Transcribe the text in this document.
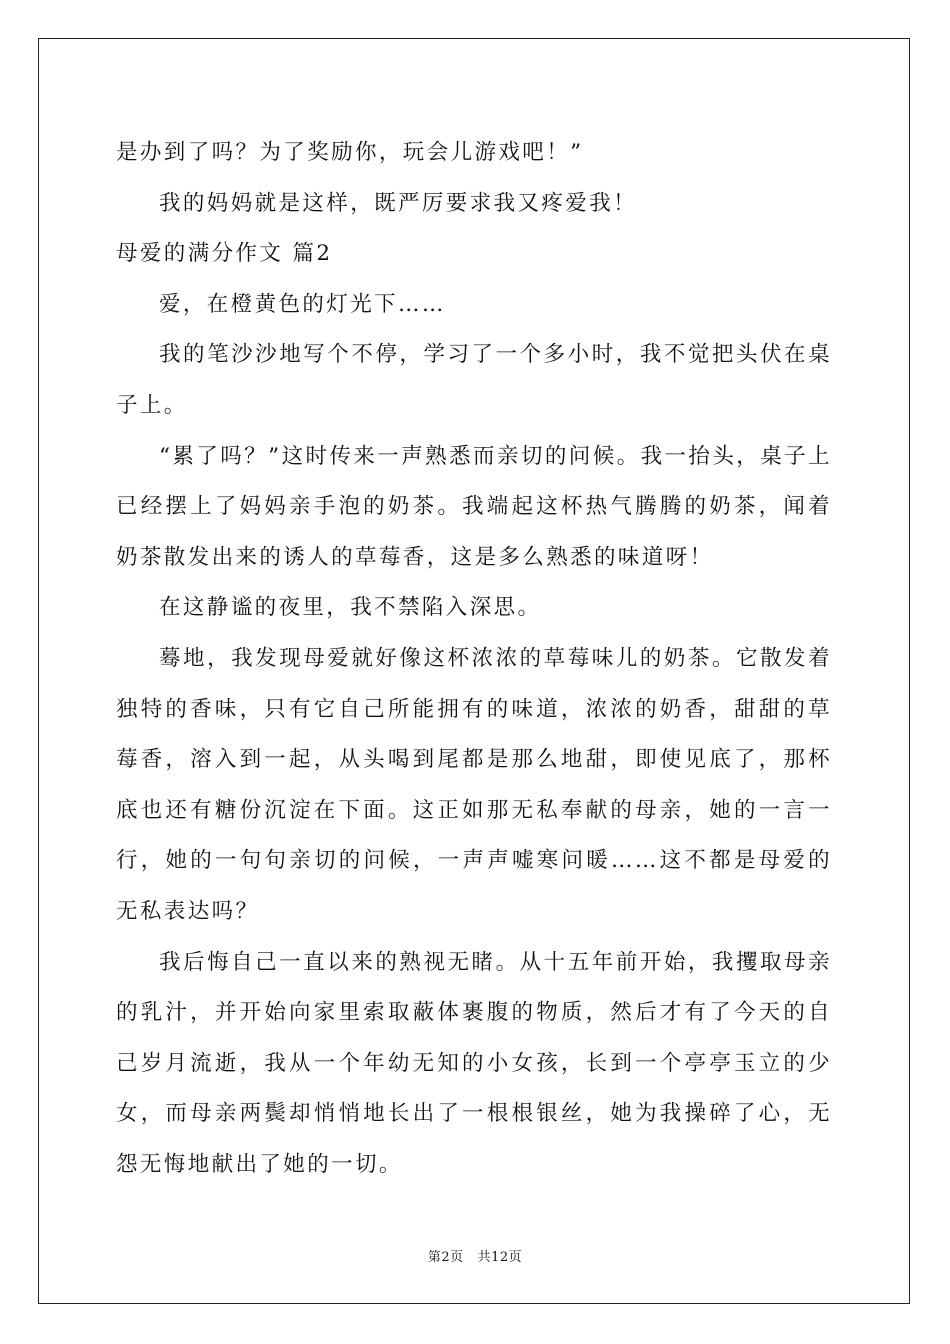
是办到了吗？为了奖励你，玩会儿游戏吧！”

我的妈妈就是这样，既严厉要求我又疼爱我！

母爱的满分作文 篇2

爱，在橙黄色的灯光下……

我的笔沙沙地写个不停，学习了一个多小时，我不觉把头伏在桌子上。

“累了吗？”这时传来一声熟悉而亲切的问候。我一抬头，桌子上已经摆上了妈妈亲手泡的奶茶。我端起这杯热气腾腾的奶茶，闻着奶茶散发出来的诱人的草莓香，这是多么熟悉的味道呀！

在这静谧的夜里，我不禁陷入深思。

蓦地，我发现母爱就好像这杯浓浓的草莓味儿的奶茶。它散发着独特的香味，只有它自己所能拥有的味道，浓浓的奶香，甜甜的草莓香，溶入到一起，从头喝到尾都是那么地甜，即使见底了，那杯底也还有糖份沉淀在下面。这正如那无私奉献的母亲，她的一言一行，她的一句句亲切的问候，一声声嘘寒问暖……这不都是母爱的无私表达吗？

我后悔自己一直以来的熟视无睹。从十五年前开始，我攫取母亲的乳汁，并开始向家里索取蔽体裹腹的物质，然后才有了今天的自己岁月流逝，我从一个年幼无知的小女孩，长到一个亭亭玉立的少女，而母亲两鬓却悄悄地长出了一根根银丝，她为我操碎了心，无怨无悔地献出了她的一切。

第2页 共12页
